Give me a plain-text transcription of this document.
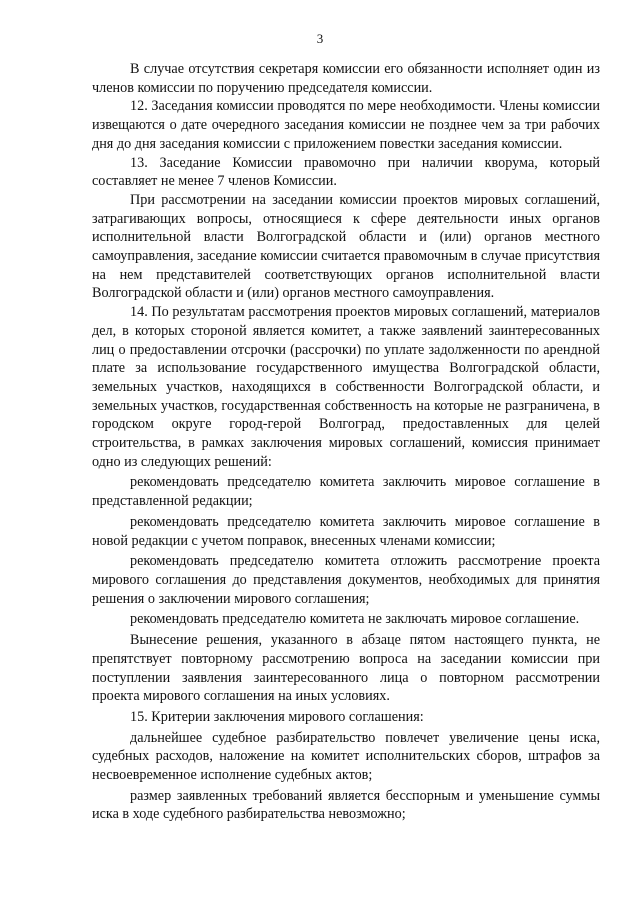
3

В случае отсутствия секретаря комиссии его обязанности исполняет один из членов комиссии по поручению председателя комиссии.

12. Заседания комиссии проводятся по мере необходимости. Члены комиссии извещаются о дате очередного заседания комиссии не позднее чем за три рабочих дня до дня заседания комиссии с приложением повестки заседания комиссии.

13. Заседание Комиссии правомочно при наличии кворума, который составляет не менее 7 членов Комиссии.

При рассмотрении на заседании комиссии проектов мировых соглашений, затрагивающих вопросы, относящиеся к сфере деятельности иных органов исполнительной власти Волгоградской области и (или) органов местного самоуправления, заседание комиссии считается правомочным в случае присутствия на нем представителей соответствующих органов исполнительной власти Волгоградской области и (или) органов местного самоуправления.

14. По результатам рассмотрения проектов мировых соглашений, материалов дел, в которых стороной является комитет, а также заявлений заинтересованных лиц о предоставлении отсрочки (рассрочки) по уплате задолженности по арендной плате за использование государственного имущества Волгоградской области, земельных участков, находящихся в собственности Волгоградской области, и земельных участков, государственная собственность на которые не разграничена, в городском округе город-герой Волгоград, предоставленных для целей строительства, в рамках заключения мировых соглашений, комиссия принимает одно из следующих решений:

рекомендовать председателю комитета заключить мировое соглашение в представленной редакции;

рекомендовать председателю комитета заключить мировое соглашение в новой редакции с учетом поправок, внесенных членами комиссии;

рекомендовать председателю комитета отложить рассмотрение проекта мирового соглашения до представления документов, необходимых для принятия решения о заключении мирового соглашения;

рекомендовать председателю комитета не заключать мировое соглашение.

Вынесение решения, указанного в абзаце пятом настоящего пункта, не препятствует повторному рассмотрению вопроса на заседании комиссии при поступлении заявления заинтересованного лица о повторном рассмотрении проекта мирового соглашения на иных условиях.

15. Критерии заключения мирового соглашения:

дальнейшее судебное разбирательство повлечет увеличение цены иска, судебных расходов, наложение на комитет исполнительских сборов, штрафов за несвоевременное исполнение судебных актов;

размер заявленных требований является бесспорным и уменьшение суммы иска в ходе судебного разбирательства невозможно;
